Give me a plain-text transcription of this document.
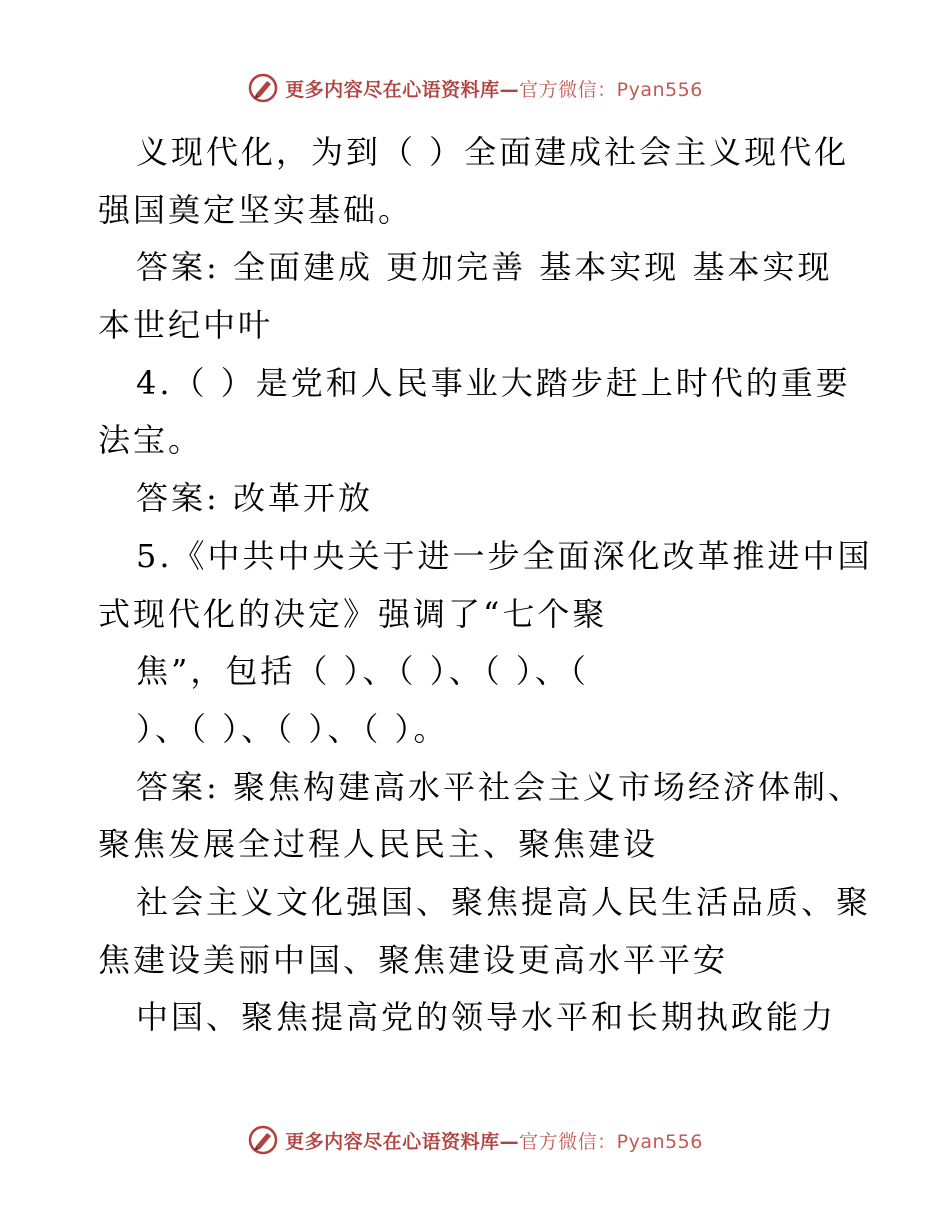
更多内容尽在心语资料库—官方微信：Pyan556
义现代化，为到（ ）全面建成社会主义现代化
强国奠定坚实基础。
答案: 全面建成 更加完善 基本实现 基本实现
本世纪中叶
4.（ ）是党和人民事业大踏步赶上时代的重要
法宝。
答案: 改革开放
5.《中共中央关于进一步全面深化改革推进中国
式现代化的决定》强调了“七个聚
焦”，包括（ ）、（ ）、（ ）、（
）、（ ）、（ ）、（ ）。
答案: 聚焦构建高水平社会主义市场经济体制、
聚焦发展全过程人民民主、聚焦建设
社会主义文化强国、聚焦提高人民生活品质、聚
焦建设美丽中国、聚焦建设更高水平平安
中国、聚焦提高党的领导水平和长期执政能力
更多内容尽在心语资料库—官方微信：Pyan556
